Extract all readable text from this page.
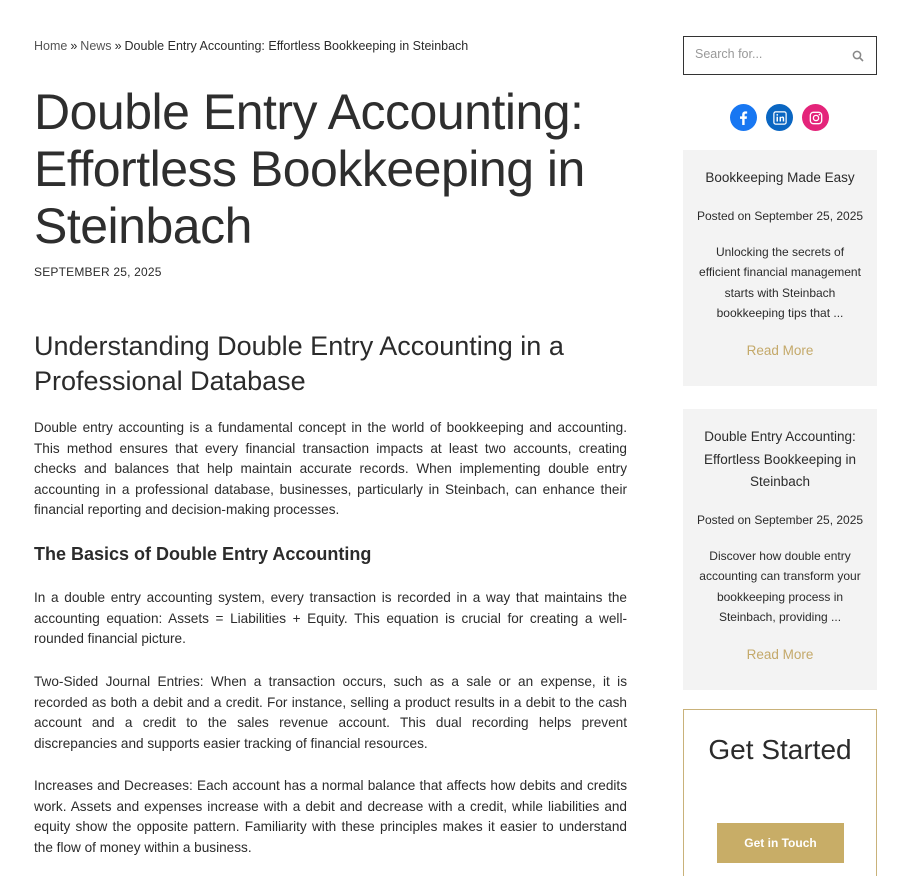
Home » News » Double Entry Accounting: Effortless Bookkeeping in Steinbach
Double Entry Accounting: Effortless Bookkeeping in Steinbach
SEPTEMBER 25, 2025
Understanding Double Entry Accounting in a Professional Database

Double entry accounting is a fundamental concept in the world of bookkeeping and accounting. This method ensures that every financial transaction impacts at least two accounts, creating checks and balances that help maintain accurate records. When implementing double entry accounting in a professional database, businesses, particularly in Steinbach, can enhance their financial reporting and decision-making processes.

The Basics of Double Entry Accounting

In a double entry accounting system, every transaction is recorded in a way that maintains the accounting equation: Assets = Liabilities + Equity. This equation is crucial for creating a well-rounded financial picture.

Two-Sided Journal Entries: When a transaction occurs, such as a sale or an expense, it is recorded as both a debit and a credit. For instance, selling a product results in a debit to the cash account and a credit to the sales revenue account. This dual recording helps prevent discrepancies and supports easier tracking of financial resources.

Increases and Decreases: Each account has a normal balance that affects how debits and credits work. Assets and expenses increase with a debit and decrease with a credit, while liabilities and equity show the opposite pattern. Familiarity with these principles makes it easier to understand the flow of money within a business.

Search for...
Bookkeeping Made Easy
Posted on September 25, 2025
Unlocking the secrets of efficient financial management starts with Steinbach bookkeeping tips that ...
Read More
Double Entry Accounting: Effortless Bookkeeping in Steinbach
Posted on September 25, 2025
Discover how double entry accounting can transform your bookkeeping process in Steinbach, providing ...
Read More
Get Started
Get in Touch
